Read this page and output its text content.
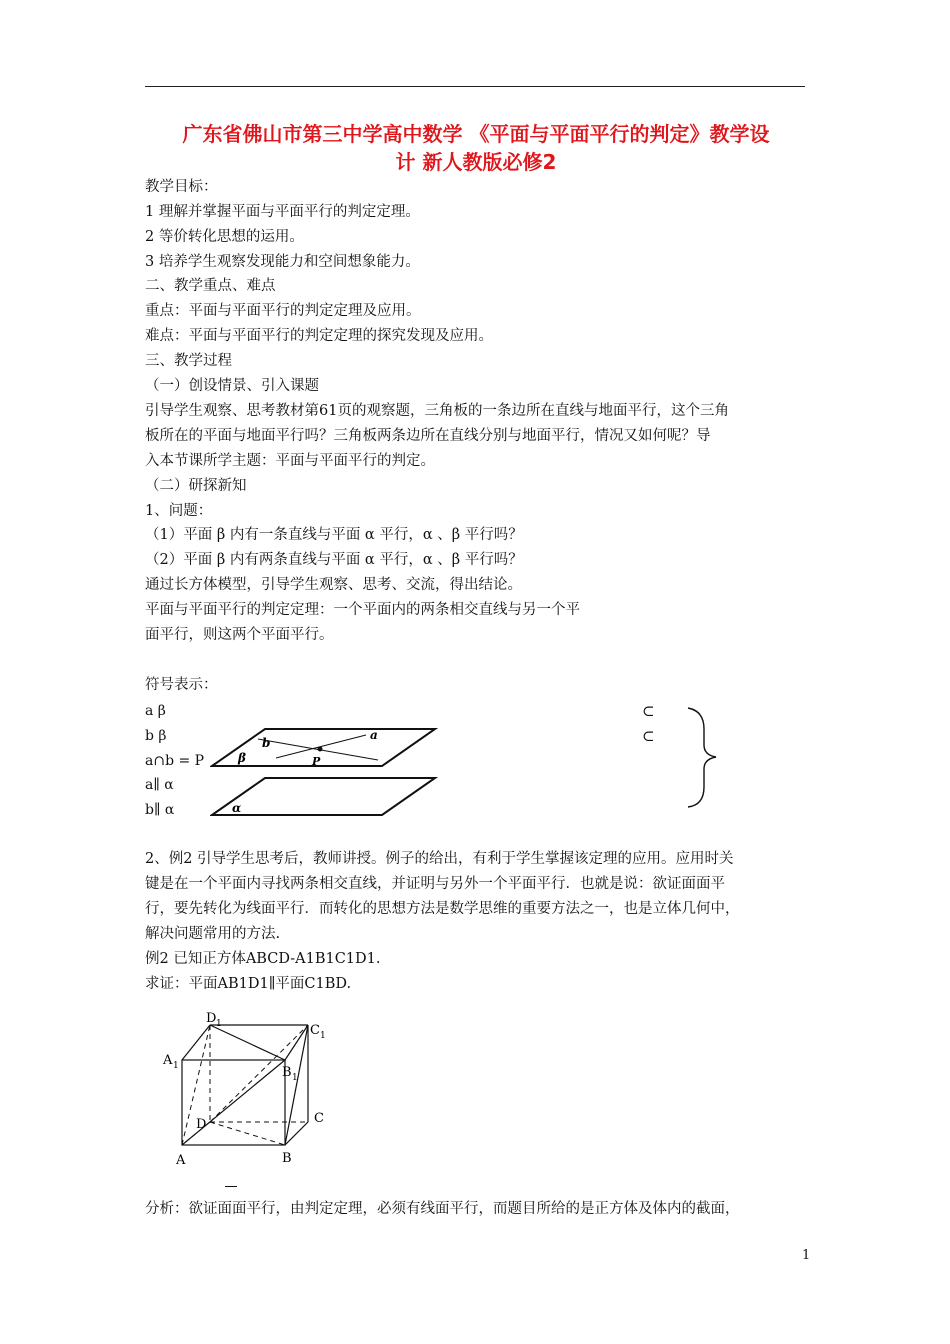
广东省佛山市第三中学高中数学 《平面与平面平行的判定》教学设
计 新人教版必修2
教学目标：
1 理解并掌握平面与平面平行的判定定理。
2 等价转化思想的运用。
3 培养学生观察发现能力和空间想象能力。
二、教学重点、难点
重点：平面与平面平行的判定定理及应用。
难点：平面与平面平行的判定定理的探究发现及应用。
三、教学过程
（一）创设情景、引入课题
引导学生观察、思考教材第61页的观察题，三角板的一条边所在直线与地面平行，这个三角
板所在的平面与地面平行吗？三角板两条边所在直线分别与地面平行，情况又如何呢？导
入本节课所学主题：平面与平面平行的判定。
（二）研探新知
1、问题：
（1）平面 β 内有一条直线与平面 α 平行，α 、β 平行吗？
（2）平面 β 内有两条直线与平面 α 平行，α 、β 平行吗？
通过长方体模型，引导学生观察、思考、交流，得出结论。
平面与平面平行的判定定理：一个平面内的两条相交直线与另一个平
面平行，则这两个平面平行。
符号表示：
a β
b β
a∩b = P
a∥ α
b∥ α
⊂
⊂
b
a
β	P
α
2、例2 引导学生思考后，教师讲授。例子的给出，有利于学生掌握该定理的应用。应用时关
键是在一个平面内寻找两条相交直线，并证明与另外一个平面平行．也就是说：欲证面面平
行，要先转化为线面平行．而转化的思想方法是数学思维的重要方法之一，也是立体几何中，
解决问题常用的方法.
例2 已知正方体ABCD-A1B1C1D1.
求证：平面AB1D1∥平面C1BD.
D 1	C 1
A 1	B 1
D	C
A	B
分析：欲证面面平行，由判定定理，必须有线面平行，而题目所给的是正方体及体内的截面，
1
